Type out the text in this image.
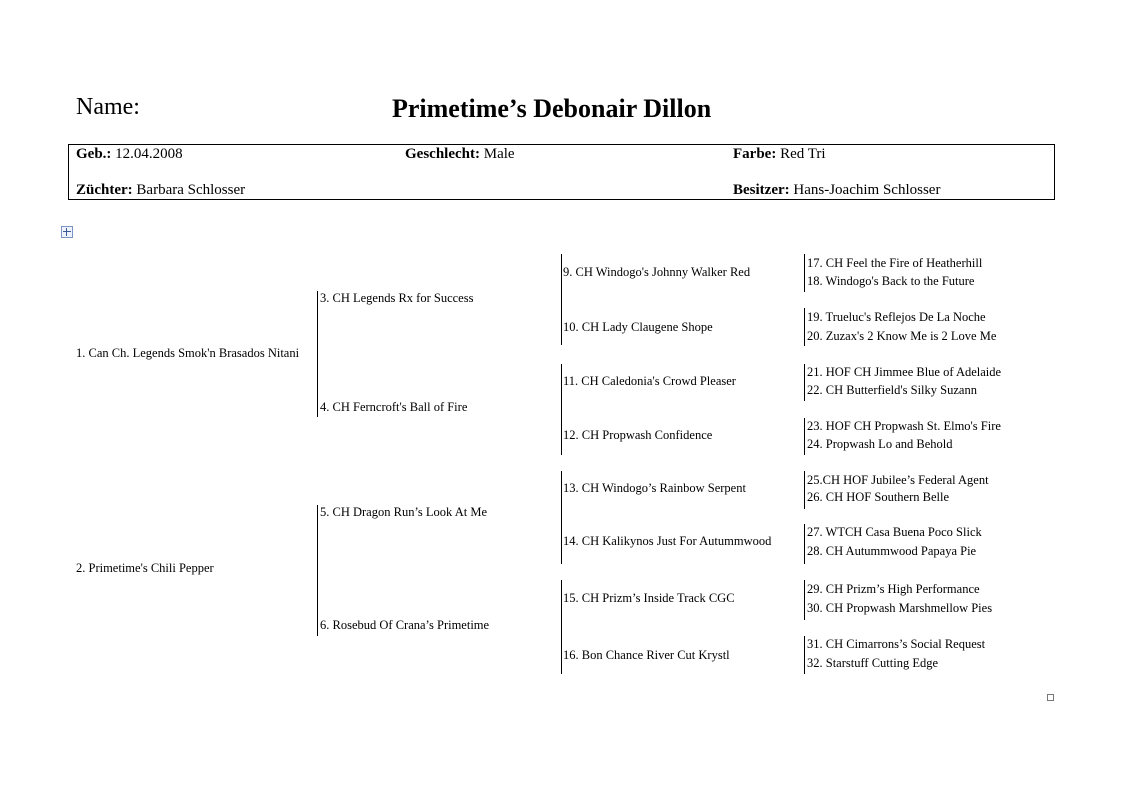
Name:	Primetime’s Debonair Dillon
Geb.: 12.04.2008	Geschlecht: Male	Farbe: Red Tri
Züchter: Barbara Schlosser	Besitzer: Hans-Joachim Schlosser
1. Can Ch. Legends Smok'n Brasados Nitani
2. Primetime's Chili Pepper
3. CH Legends Rx for Success
4. CH Ferncroft's Ball of Fire
5. CH Dragon Run’s Look At Me
6. Rosebud Of Crana’s Primetime
9. CH Windogo's Johnny Walker Red
10. CH Lady Claugene Shope
11. CH Caledonia's Crowd Pleaser
12. CH Propwash Confidence
13. CH Windogo’s Rainbow Serpent
14. CH Kalikynos Just For Autummwood
15. CH Prizm’s Inside Track CGC
16. Bon Chance River Cut Krystl
17. CH Feel the Fire of Heatherhill
18. Windogo's Back to the Future
19. Trueluc's Reflejos De La Noche
20. Zuzax's 2 Know Me is 2 Love Me
21. HOF CH Jimmee Blue of Adelaide
22. CH Butterfield's Silky Suzann
23. HOF CH Propwash St. Elmo's Fire
24. Propwash Lo and Behold
25.CH HOF Jubilee’s Federal Agent
26. CH HOF Southern Belle
27. WTCH Casa Buena Poco Slick
28. CH Autummwood Papaya Pie
29. CH Prizm’s High Performance
30. CH Propwash Marshmellow Pies
31. CH Cimarrons’s Social Request
32. Starstuff Cutting Edge
